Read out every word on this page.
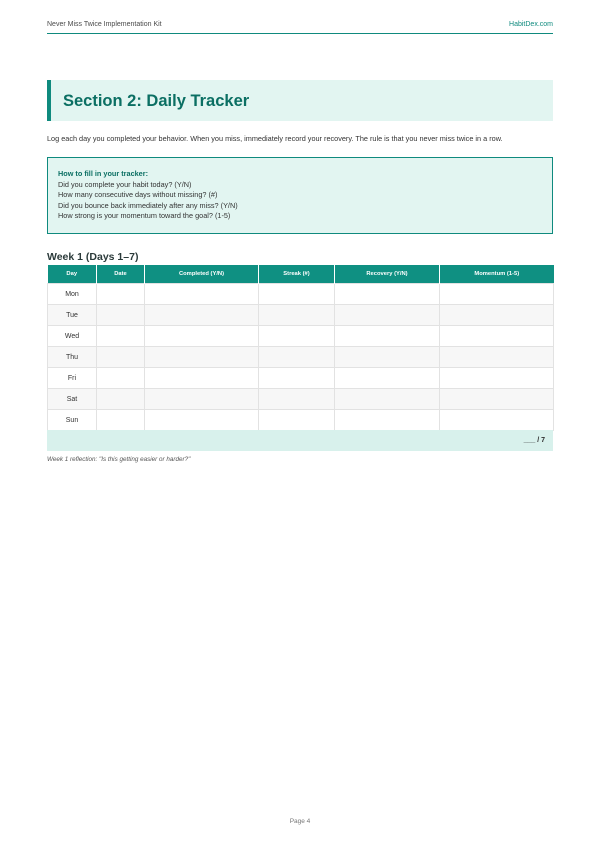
Never Miss Twice Implementation Kit	HabitDex.com
Section 2: Daily Tracker
Log each day you completed your behavior. When you miss, immediately record your recovery. The rule is that you never miss twice in a row.
How to fill in your tracker:
Did you complete your habit today? (Y/N)
How many consecutive days without missing? (#)
Did you bounce back immediately after any miss? (Y/N)
How strong is your momentum toward the goal? (1-5)
Week 1 (Days 1–7)
Day	Date	Completed (Y/N)	Streak (#)	Recovery (Y/N)	Momentum (1-5)
Mon					
Tue					
Wed					
Thu					
Fri					
Sat					
Sun					
___ / 7
Week 1 reflection: "Is this getting easier or harder?"
Page 4
